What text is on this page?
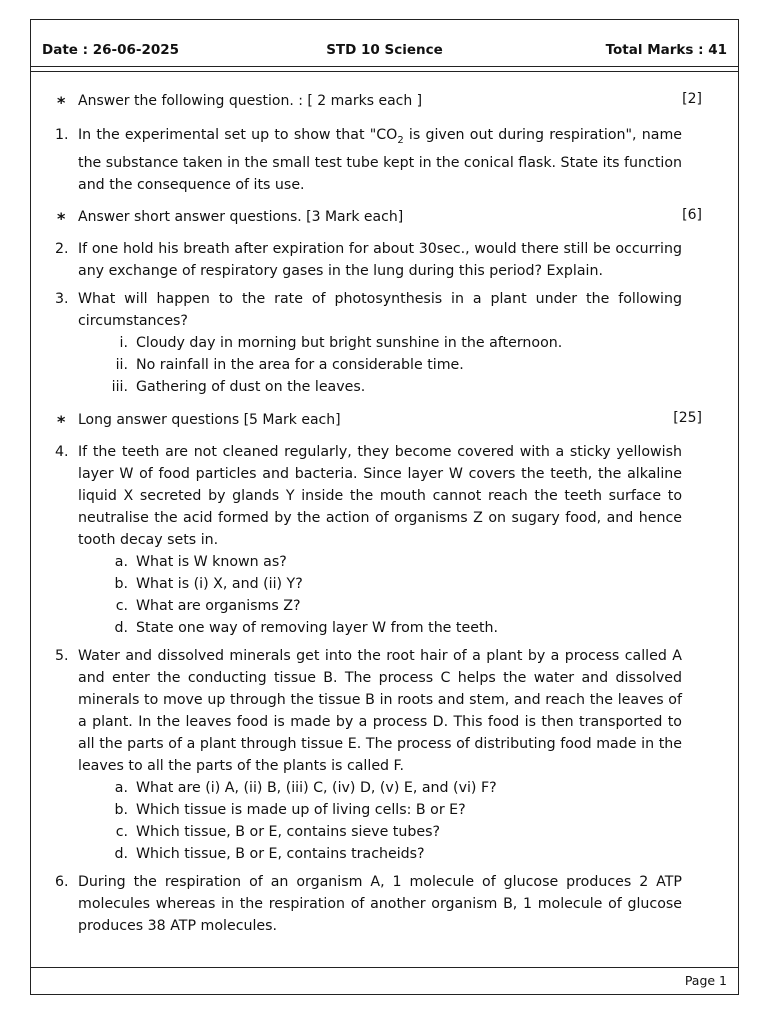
Date : 26-06-2025	STD 10 Science	Total Marks : 41
* Answer the following question. : [ 2 marks each ]	[2]
1. In the experimental set up to show that "$CO_2$ is given out during respiration", name the substance taken in the small test tube kept in the conical flask. State its function and the consequence of its use.
* Answer short answer questions. [3 Mark each]	[6]
2. If one hold his breath after expiration for about 30sec., would there still be occurring any exchange of respiratory gases in the lung during this period? Explain.
3. What will happen to the rate of photosynthesis in a plant under the following circumstances?
i. Cloudy day in morning but bright sunshine in the afternoon.
ii. No rainfall in the area for a considerable time.
iii. Gathering of dust on the leaves.
* Long answer questions [5 Mark each]	[25]
4. If the teeth are not cleaned regularly, they become covered with a sticky yellowish layer W of food particles and bacteria. Since layer W covers the teeth, the alkaline liquid X secreted by glands Y inside the mouth cannot reach the teeth surface to neutralise the acid formed by the action of organisms Z on sugary food, and hence tooth decay sets in.
a. What is W known as?
b. What is (i) X, and (ii) Y?
c. What are organisms Z?
d. State one way of removing layer W from the teeth.
5. Water and dissolved minerals get into the root hair of a plant by a process called A and enter the conducting tissue B. The process C helps the water and dissolved minerals to move up through the tissue B in roots and stem, and reach the leaves of a plant. In the leaves food is made by a process D. This food is then transported to all the parts of a plant through tissue E. The process of distributing food made in the leaves to all the parts of the plants is called F.
a. What are (i) A, (ii) B, (iii) C, (iv) D, (v) E, and (vi) F?
b. Which tissue is made up of living cells: B or E?
c. Which tissue, B or E, contains sieve tubes?
d. Which tissue, B or E, contains tracheids?
6. During the respiration of an organism A, 1 molecule of glucose produces 2 ATP molecules whereas in the respiration of another organism B, 1 molecule of glucose produces 38 ATP molecules.
Page 1
